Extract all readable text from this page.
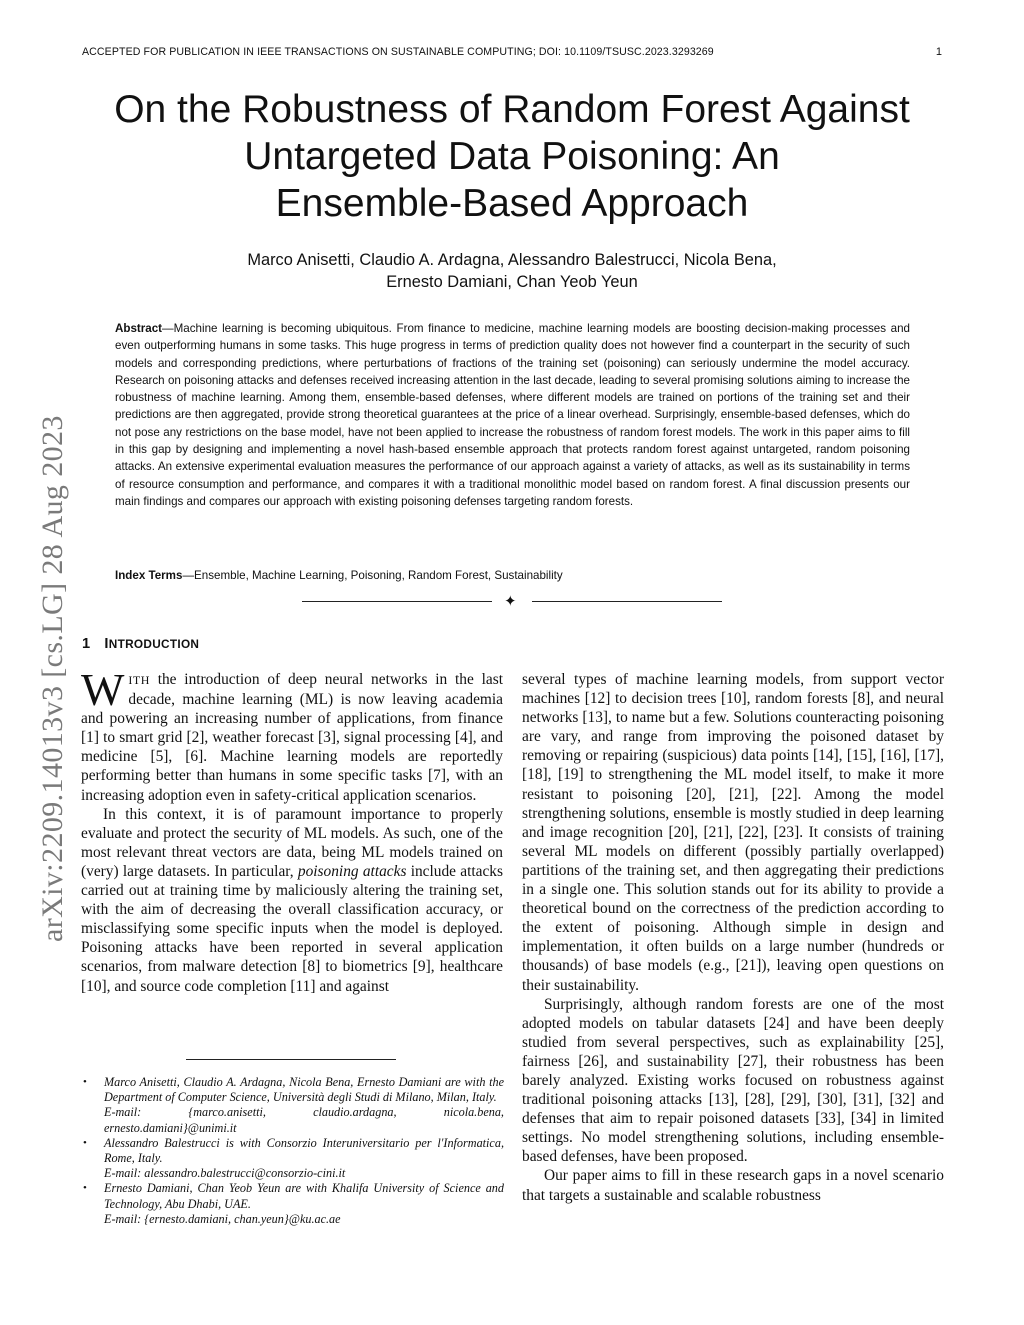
ACCEPTED FOR PUBLICATION IN IEEE TRANSACTIONS ON SUSTAINABLE COMPUTING; DOI: 10.1109/TSUSC.2023.3293269	1
arXiv:2209.14013v3 [cs.LG] 28 Aug 2023
On the Robustness of Random Forest Against
Untargeted Data Poisoning: An
Ensemble-Based Approach
Marco Anisetti, Claudio A. Ardagna, Alessandro Balestrucci, Nicola Bena,
Ernesto Damiani, Chan Yeob Yeun
Abstract—Machine learning is becoming ubiquitous. From finance to medicine, machine learning models are boosting decision-making processes and even outperforming humans in some tasks. This huge progress in terms of prediction quality does not however find a counterpart in the security of such models and corresponding predictions, where perturbations of fractions of the training set (poisoning) can seriously undermine the model accuracy. Research on poisoning attacks and defenses received increasing attention in the last decade, leading to several promising solutions aiming to increase the robustness of machine learning. Among them, ensemble-based defenses, where different models are trained on portions of the training set and their predictions are then aggregated, provide strong theoretical guarantees at the price of a linear overhead. Surprisingly, ensemble-based defenses, which do not pose any restrictions on the base model, have not been applied to increase the robustness of random forest models. The work in this paper aims to fill in this gap by designing and implementing a novel hash-based ensemble approach that protects random forest against untargeted, random poisoning attacks. An extensive experimental evaluation measures the performance of our approach against a variety of attacks, as well as its sustainability in terms of resource consumption and performance, and compares it with a traditional monolithic model based on random forest. A final discussion presents our main findings and compares our approach with existing poisoning defenses targeting random forests.
Index Terms—Ensemble, Machine Learning, Poisoning, Random Forest, Sustainability
✦
1 INTRODUCTION

WITH the introduction of deep neural networks in the last decade, machine learning (ML) is now leaving academia and powering an increasing number of applications, from finance [1] to smart grid [2], weather forecast [3], signal processing [4], and medicine [5], [6]. Machine learning models are reportedly performing better than humans in some specific tasks [7], with an increasing adoption even in safety-critical application scenarios.

In this context, it is of paramount importance to properly evaluate and protect the security of ML models. As such, one of the most relevant threat vectors are data, being ML models trained on (very) large datasets. In particular, poisoning attacks include attacks carried out at training time by maliciously altering the training set, with the aim of decreasing the overall classification accuracy, or misclassifying some specific inputs when the model is deployed. Poisoning attacks have been reported in several application scenarios, from malware detection [8] to biometrics [9], healthcare [10], and source code completion [11] and against

several types of machine learning models, from support vector machines [12] to decision trees [10], random forests [8], and neural networks [13], to name but a few. Solutions counteracting poisoning are vary, and range from improving the poisoned dataset by removing or repairing (suspicious) data points [14], [15], [16], [17], [18], [19] to strengthening the ML model itself, to make it more resistant to poisoning [20], [21], [22]. Among the model strengthening solutions, ensemble is mostly studied in deep learning and image recognition [20], [21], [22], [23]. It consists of training several ML models on different (possibly partially overlapped) partitions of the training set, and then aggregating their predictions in a single one. This solution stands out for its ability to provide a theoretical bound on the correctness of the prediction according to the extent of poisoning. Although simple in design and implementation, it often builds on a large number (hundreds or thousands) of base models (e.g., [21]), leaving open questions on their sustainability.

Surprisingly, although random forests are one of the most adopted models on tabular datasets [24] and have been deeply studied from several perspectives, such as explainability [25], fairness [26], and sustainability [27], their robustness has been barely analyzed. Existing works focused on robustness against traditional poisoning attacks [13], [28], [29], [30], [31], [32] and defenses that aim to repair poisoned datasets [33], [34] in limited settings. No model strengthening solutions, including ensemble-based defenses, have been proposed.

Our paper aims to fill in these research gaps in a novel scenario that targets a sustainable and scalable robustness

• Marco Anisetti, Claudio A. Ardagna, Nicola Bena, Ernesto Damiani are with the Department of Computer Science, Università degli Studi di Milano, Milan, Italy.
E-mail:	{marco.anisetti,	claudio.ardagna,	nicola.bena,
ernesto.damiani}@unimi.it
• Alessandro Balestrucci is with Consorzio Interuniversitario per l'Informatica, Rome, Italy.
E-mail: alessandro.balestrucci@consorzio-cini.it
• Ernesto Damiani, Chan Yeob Yeun are with Khalifa University of Science and Technology, Abu Dhabi, UAE.
E-mail: {ernesto.damiani, chan.yeun}@ku.ac.ae
